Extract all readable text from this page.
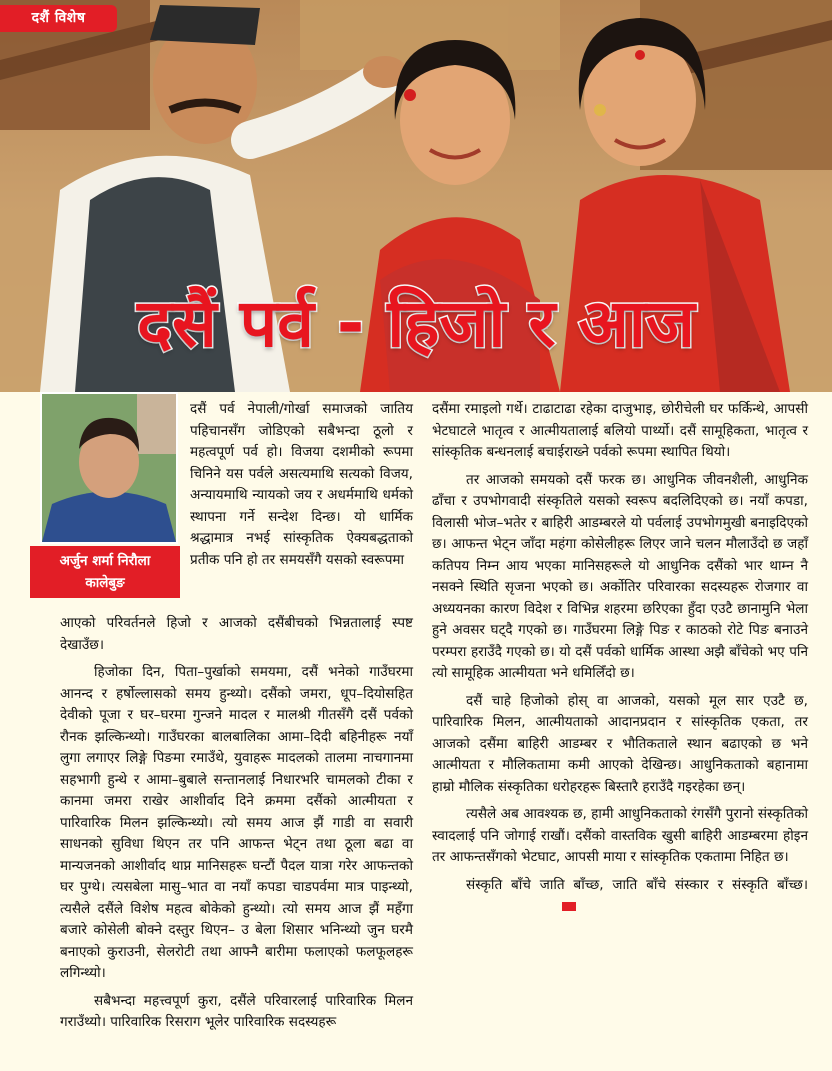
दशैं विशेष
दसैं पर्व - हिजो र आज
अर्जुन शर्मा निरौला
कालेबुङ

दसैं पर्व नेपाली/गोर्खा समाजको जातिय पहिचानसँग जोडिएको सबैभन्दा ठूलो र महत्वपूर्ण पर्व हो। विजया दशमीको रूपमा चिनिने यस पर्वले असत्यमाथि सत्यको विजय, अन्यायमाथि न्यायको जय र अधर्ममाथि धर्मको स्थापना गर्ने सन्देश दिन्छ। यो धार्मिक श्रद्धामात्र नभई सांस्कृतिक ऐक्यबद्धताको प्रतीक पनि हो तर समयसँगै यसको स्वरूपमा

आएको परिवर्तनले हिजो र आजको दसैंबीचको भिन्नतालाई स्पष्ट देखाउँछ।

हिजोका दिन, पिता–पुर्खाको समयमा, दसैं भनेको गाउँघरमा आनन्द र हर्षोल्लासको समय हुन्थ्यो। दसैंको जमरा, धूप–दियोसहित देवीको पूजा र घर–घरमा गुन्जने मादल र मालश्री गीतसँगै दसैं पर्वको रौनक झल्किन्थ्यो। गाउँघरका बालबालिका आमा–दिदी बहिनीहरू नयाँ लुगा लगाएर लिङ्गे पिङमा रमाउँथे, युवाहरू मादलको तालमा नाचगानमा सहभागी हुन्थे र आमा–बुबाले सन्तानलाई निधारभरि चामलको टीका र कानमा जमरा राखेर आशीर्वाद दिने क्रममा दसैंको आत्मीयता र पारिवारिक मिलन झल्किन्थ्यो। त्यो समय आज झैं गाडी वा सवारी साधनको सुविधा थिएन तर पनि आफन्त भेट्न तथा ठूला बढा वा मान्यजनको आशीर्वाद थाप्न मानिसहरू घन्टौं पैदल यात्रा गरेर आफन्तको घर पुग्थे। त्यसबेला मासु–भात वा नयाँ कपडा चाडपर्वमा मात्र पाइन्थ्यो, त्यसैले दसैंले विशेष महत्व बोकेको हुन्थ्यो। त्यो समय आज झैं महँगा बजारे कोसेली बोक्ने दस्तुर थिएन– उ बेला शिसार भनिन्थ्यो जुन घरमै बनाएको कुराउनी, सेलरोटी तथा आफ्नै बारीमा फलाएको फलफूलहरू लगिन्थ्यो।

सबैभन्दा महत्त्वपूर्ण कुरा, दसैंले परिवारलाई पारिवारिक मिलन गराउँथ्यो। पारिवारिक रिसराग भूलेर पारिवारिक सदस्यहरू

दसैंमा रमाइलो गर्थे। टाढाटाढा रहेका दाजुभाइ, छोरीचेली घर फर्किन्थे, आपसी भेटघाटले भातृत्व र आत्मीयतालाई बलियो पार्थ्यो। दसैं सामूहिकता, भातृत्व र सांस्कृतिक बन्धनलाई बचाईराख्ने पर्वको रूपमा स्थापित थियो।

तर आजको समयको दसैं फरक छ। आधुनिक जीवनशैली, आधुनिक ढाँचा र उपभोगवादी संस्कृतिले यसको स्वरूप बदलिदिएको छ। नयाँ कपडा, विलासी भोज–भतेर र बाहिरी आडम्बरले यो पर्वलाई उपभोगमुखी बनाइदिएको छ। आफन्त भेट्न जाँदा महंगा कोसेलीहरू लिएर जाने चलन मौलाउँदो छ जहाँ कतिपय निम्न आय भएका मानिसहरूले यो आधुनिक दसैंको भार थाम्न नै नसक्ने स्थिति सृजना भएको छ। अर्कोतिर परिवारका सदस्यहरू रोजगार वा अध्ययनका कारण विदेश र विभिन्न शहरमा छरिएका हुँदा एउटै छानामुनि भेला हुने अवसर घट्दै गएको छ। गाउँघरमा लिङ्गे पिङ र काठको रोटे पिङ बनाउने परम्परा हराउँदै गएको छ। यो दसैं पर्वको धार्मिक आस्था अझै बाँचेको भए पनि त्यो सामूहिक आत्मीयता भने धमिलिँदो छ।

दसैं चाहे हिजोको होस् वा आजको, यसको मूल सार एउटै छ, पारिवारिक मिलन, आत्मीयताको आदानप्रदान र सांस्कृतिक एकता, तर आजको दसैंमा बाहिरी आडम्बर र भौतिकताले स्थान बढाएको छ भने आत्मीयता र मौलिकतामा कमी आएको देखिन्छ। आधुनिकताको बहानामा हाम्रो मौलिक संस्कृतिका धरोहरहरू बिस्तारै हराउँदै गइरहेका छन्।

त्यसैले अब आवश्यक छ, हामी आधुनिकताको रंगसँगै पुरानो संस्कृतिको स्वादलाई पनि जोगाई राखौं। दसैंको वास्तविक खुसी बाहिरी आडम्बरमा होइन तर आफन्तसँगको भेटघाट, आपसी माया र सांस्कृतिक एकतामा निहित छ।

संस्कृति बाँचे जाति बाँच्छ, जाति बाँचे संस्कार र संस्कृति बाँच्छ।
